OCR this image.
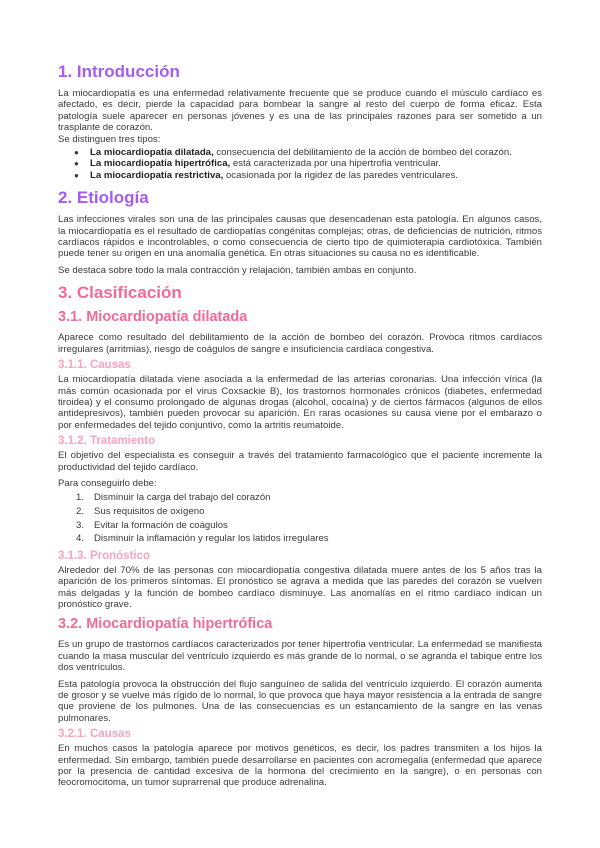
1. Introducción

La miocardiopatía es una enfermedad relativamente frecuente que se produce cuando el músculo cardíaco es afectado, es decir, pierde la capacidad para bombear la sangre al resto del cuerpo de forma eficaz. Esta patología suele aparecer en personas jóvenes y es una de las principales razones para ser sometido a un trasplante de corazón.

Se distinguen tres tipos:

● La miocardiopatía dilatada, consecuencia del debilitamiento de la acción de bombeo del corazón.
● La miocardiopatía hipertrófica, está caracterizada por una hipertrofia ventricular.
● La miocardiopatía restrictiva, ocasionada por la rigidez de las paredes ventriculares.
2. Etiología

Las infecciones virales son una de las principales causas que desencadenan esta patología. En algunos casos, la miocardiopatía es el resultado de cardiopatías congénitas complejas; otras, de deficiencias de nutrición, ritmos cardíacos rápidos e incontrolables, o como consecuencia de cierto tipo de quimioterapia cardiotóxica. También puede tener su origen en una anomalía genética. En otras situaciones su causa no es identificable.

Se destaca sobre todo la mala contracción y relajación, también ambas en conjunto.

3. Clasificación
3.1. Miocardiopatía dilatada

Aparece como resultado del debilitamiento de la acción de bombeo del corazón. Provoca ritmos cardíacos irregulares (arritmias), riesgo de coágulos de sangre e insuficiencia cardíaca congestiva.

3.1.1. Causas

La miocardiopatía dilatada viene asociada a la enfermedad de las arterias coronarias. Una infección vírica (la más común ocasionada por el virus Coxsackie B), los trastornos hormonales crónicos (diabetes, enfermedad tiroidea) y el consumo prolongado de algunas drogas (alcohol, cocaína) y de ciertos fármacos (algunos de ellos antidepresivos), también pueden provocar su aparición. En raras ocasiones su causa viene por el embarazo o por enfermedades del tejido conjuntivo, como la artritis reumatoide.

3.1.2. Tratamiento

El objetivo del especialista es conseguir a través del tratamiento farmacológico que el paciente incremente la productividad del tejido cardíaco.

Para conseguirlo debe:

1. Disminuir la carga del trabajo del corazón
2. Sus requisitos de oxígeno
3. Evitar la formación de coágulos
4. Disminuir la inflamación y regular los latidos irregulares
3.1.3. Pronóstico

Alrededor del 70% de las personas con miocardiopatía congestiva dilatada muere antes de los 5 años tras la aparición de los primeros síntomas. El pronóstico se agrava a medida que las paredes del corazón se vuelven más delgadas y la función de bombeo cardíaco disminuye. Las anomalías en el ritmo cardíaco indican un pronóstico grave.

3.2. Miocardiopatía hipertrófica

Es un grupo de trastornos cardíacos caracterizados por tener hipertrofia ventricular. La enfermedad se manifiesta cuando la masa muscular del ventrículo izquierdo es más grande de lo normal, o se agranda el tabique entre los dos ventrículos.

Esta patología provoca la obstrucción del flujo sanguíneo de salida del ventrículo izquierdo. El corazón aumenta de grosor y se vuelve más rígido de lo normal, lo que provoca que haya mayor resistencia a la entrada de sangre que proviene de los pulmones. Una de las consecuencias es un estancamiento de la sangre en las venas pulmonares.

3.2.1. Causas

En muchos casos la patología aparece por motivos genéticos, es decir, los padres transmiten a los hijos la enfermedad. Sin embargo, también puede desarrollarse en pacientes con acromegalia (enfermedad que aparece por la presencia de cantidad excesiva de la hormona del crecimiento en la sangre), o en personas con feocromocitoma, un tumor suprarrenal que produce adrenalina.
